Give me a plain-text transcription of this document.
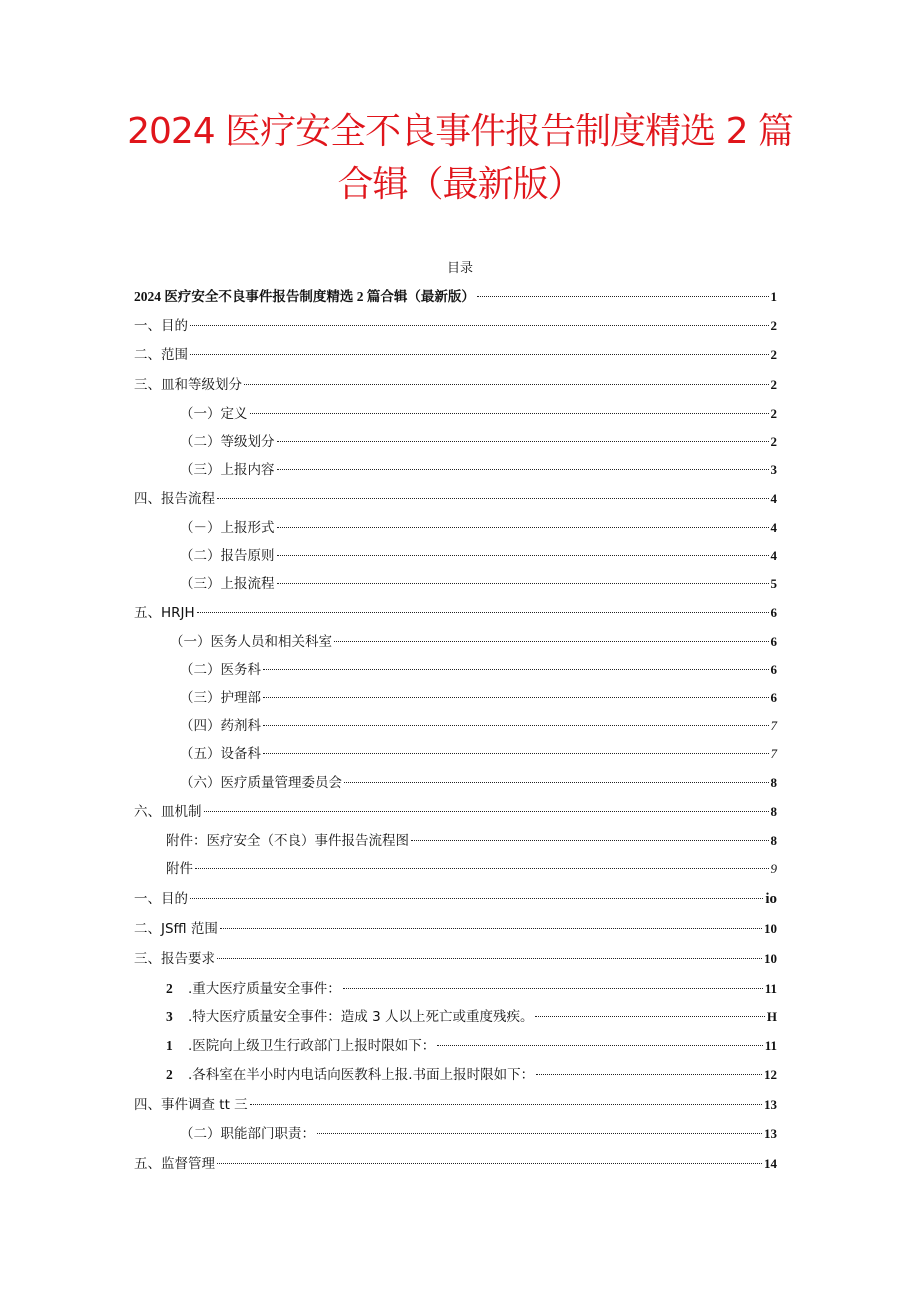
2024 医疗安全不良事件报告制度精选 2 篇
合辑（最新版）
目录
2024 医疗安全不良事件报告制度精选 2 篇合辑（最新版）	1
一、目的	2
二、范围	2
三、皿和等级划分	2
（一）定义	2
（二）等级划分	2
（三）上报内容	3
四、报告流程	4
（－）上报形式	4
（二）报告原则	4
（三）上报流程	5
五、HRJH	6
（一）医务人员和相关科室	6
（二）医务科	6
（三）护理部	6
（四）药剂科	7
（五）设备科	7
（六）医疗质量管理委员会	8
六、皿机制	8
附件：医疗安全（不良）事件报告流程图	8
附件	9
一、目的	io
二、JSffl 范围	10
三、报告要求	10
2	.重大医疗质量安全事件：	11
3	.特大医疗质量安全事件：造成 3 人以上死亡或重度残疾。	H
1	.医院向上级卫生行政部门上报时限如下：	11
2	.各科室在半小时内电话向医教科上报.书面上报时限如下：	12
四、事件调查 tt 三	13
（二）职能部门职责：	13
五、监督管理	14
